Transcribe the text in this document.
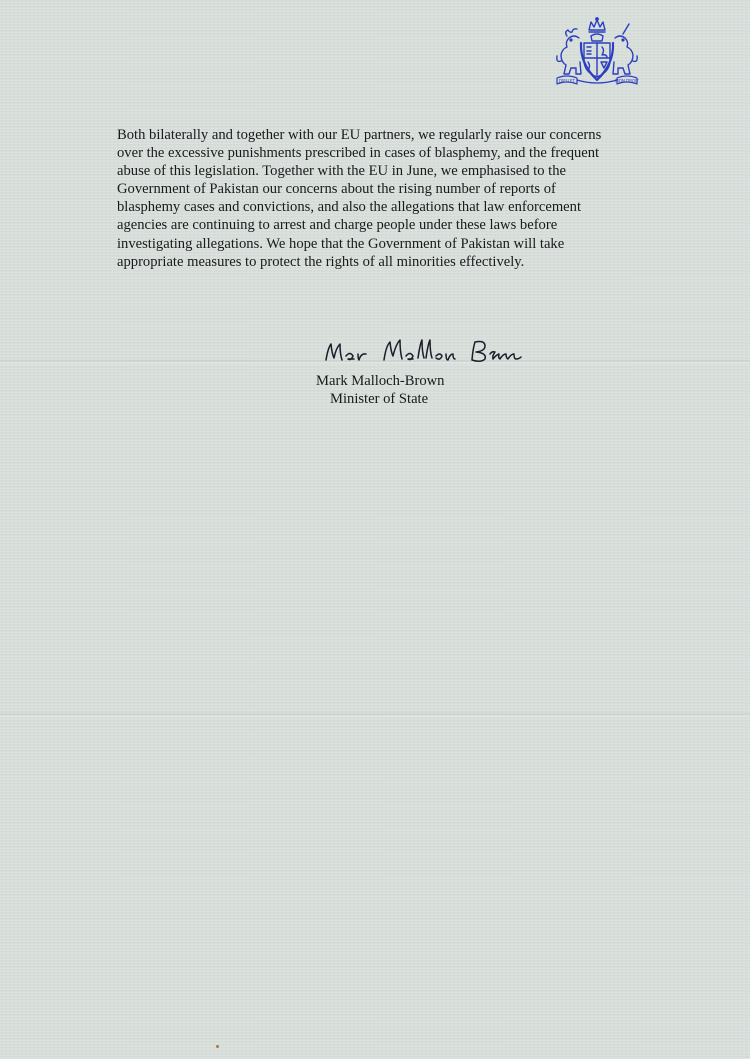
DIEU ET	MON DROIT

Both bilaterally and together with our EU partners, we regularly raise our concerns
over the excessive punishments prescribed in cases of blasphemy, and the frequent
abuse of this legislation. Together with the EU in June, we emphasised to the
Government of Pakistan our concerns about the rising number of reports of
blasphemy cases and convictions, and also the allegations that law enforcement
agencies are continuing to arrest and charge people under these laws before
investigating allegations. We hope that the Government of Pakistan will take
appropriate measures to protect the rights of all minorities effectively.

Mark Malloch-Brown
Minister of State
